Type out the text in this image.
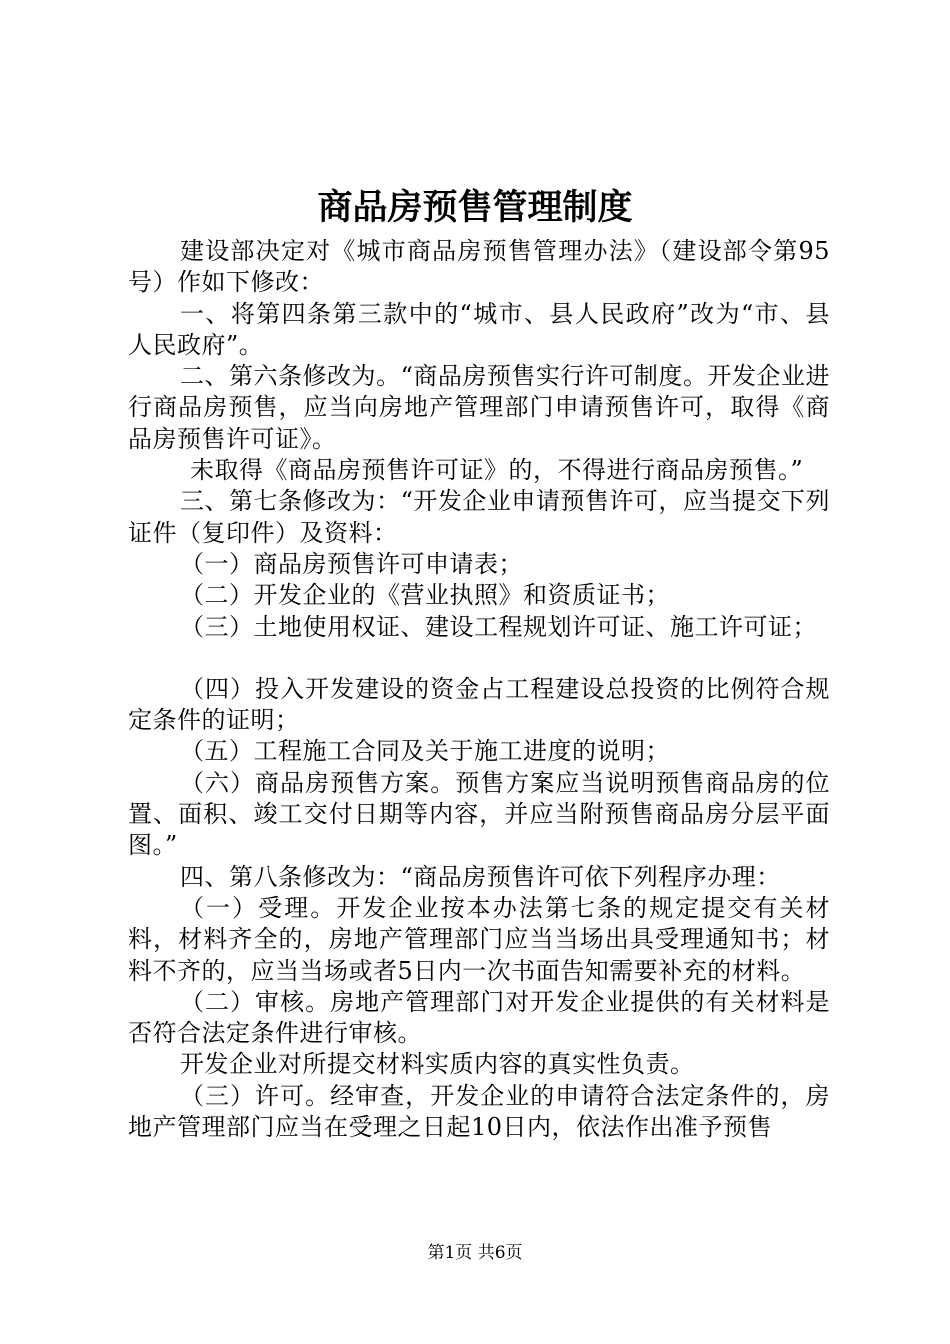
商品房预售管理制度

建设部决定对《城市商品房预售管理办法》（建设部令第95号）作如下修改：

一、将第四条第三款中的“城市、县人民政府”改为“市、县人民政府”。

二、第六条修改为。“商品房预售实行许可制度。开发企业进行商品房预售，应当向房地产管理部门申请预售许可，取得《商品房预售许可证》。

未取得《商品房预售许可证》的，不得进行商品房预售。”

三、第七条修改为：“开发企业申请预售许可，应当提交下列证件（复印件）及资料：

（一）商品房预售许可申请表；

（二）开发企业的《营业执照》和资质证书；

（三）土地使用权证、建设工程规划许可证、施工许可证；

（四）投入开发建设的资金占工程建设总投资的比例符合规定条件的证明；

（五）工程施工合同及关于施工进度的说明；

（六）商品房预售方案。预售方案应当说明预售商品房的位置、面积、竣工交付日期等内容，并应当附预售商品房分层平面图。”

四、第八条修改为：“商品房预售许可依下列程序办理：

（一）受理。开发企业按本办法第七条的规定提交有关材料，材料齐全的，房地产管理部门应当当场出具受理通知书；材料不齐的，应当当场或者5日内一次书面告知需要补充的材料。

（二）审核。房地产管理部门对开发企业提供的有关材料是否符合法定条件进行审核。

开发企业对所提交材料实质内容的真实性负责。

（三）许可。经审查，开发企业的申请符合法定条件的，房地产管理部门应当在受理之日起10日内，依法作出准予预售

第1页 共6页
